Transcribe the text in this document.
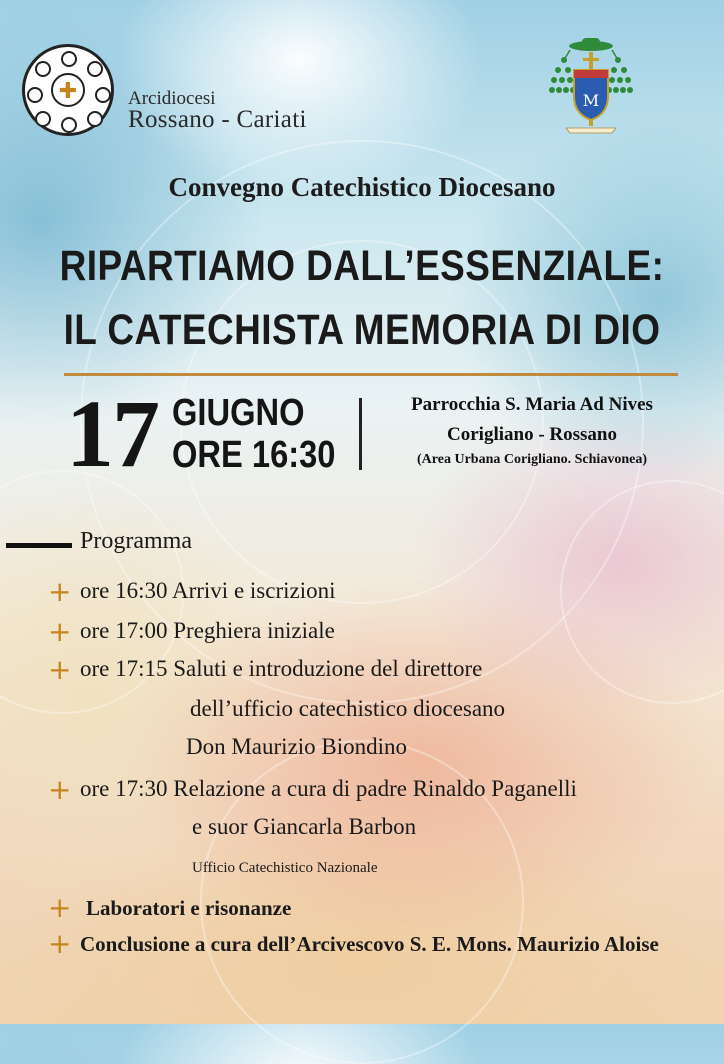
✚	Arcidiocesi
Rossano - Cariati
M
Convegno Catechistico Diocesano
RIPARTIAMO DALL’ESSENZIALE:
IL CATECHISTA MEMORIA DI DIO
17 GIUGNO
ORE 16:30
Parrocchia S. Maria Ad Nives
Corigliano - Rossano
(Area Urbana Corigliano. Schiavonea)
Programma
+ ore 16:30 Arrivi e iscrizioni
+ ore 17:00 Preghiera iniziale
+ ore 17:15 Saluti e introduzione del direttore
dell’ufficio catechistico diocesano
Don Maurizio Biondino
+ ore 17:30 Relazione a cura di padre Rinaldo Paganelli
e suor Giancarla Barbon
Ufficio Catechistico Nazionale
+ Laboratori e risonanze
+ Conclusione a cura dell’Arcivescovo S. E. Mons. Maurizio Aloise
